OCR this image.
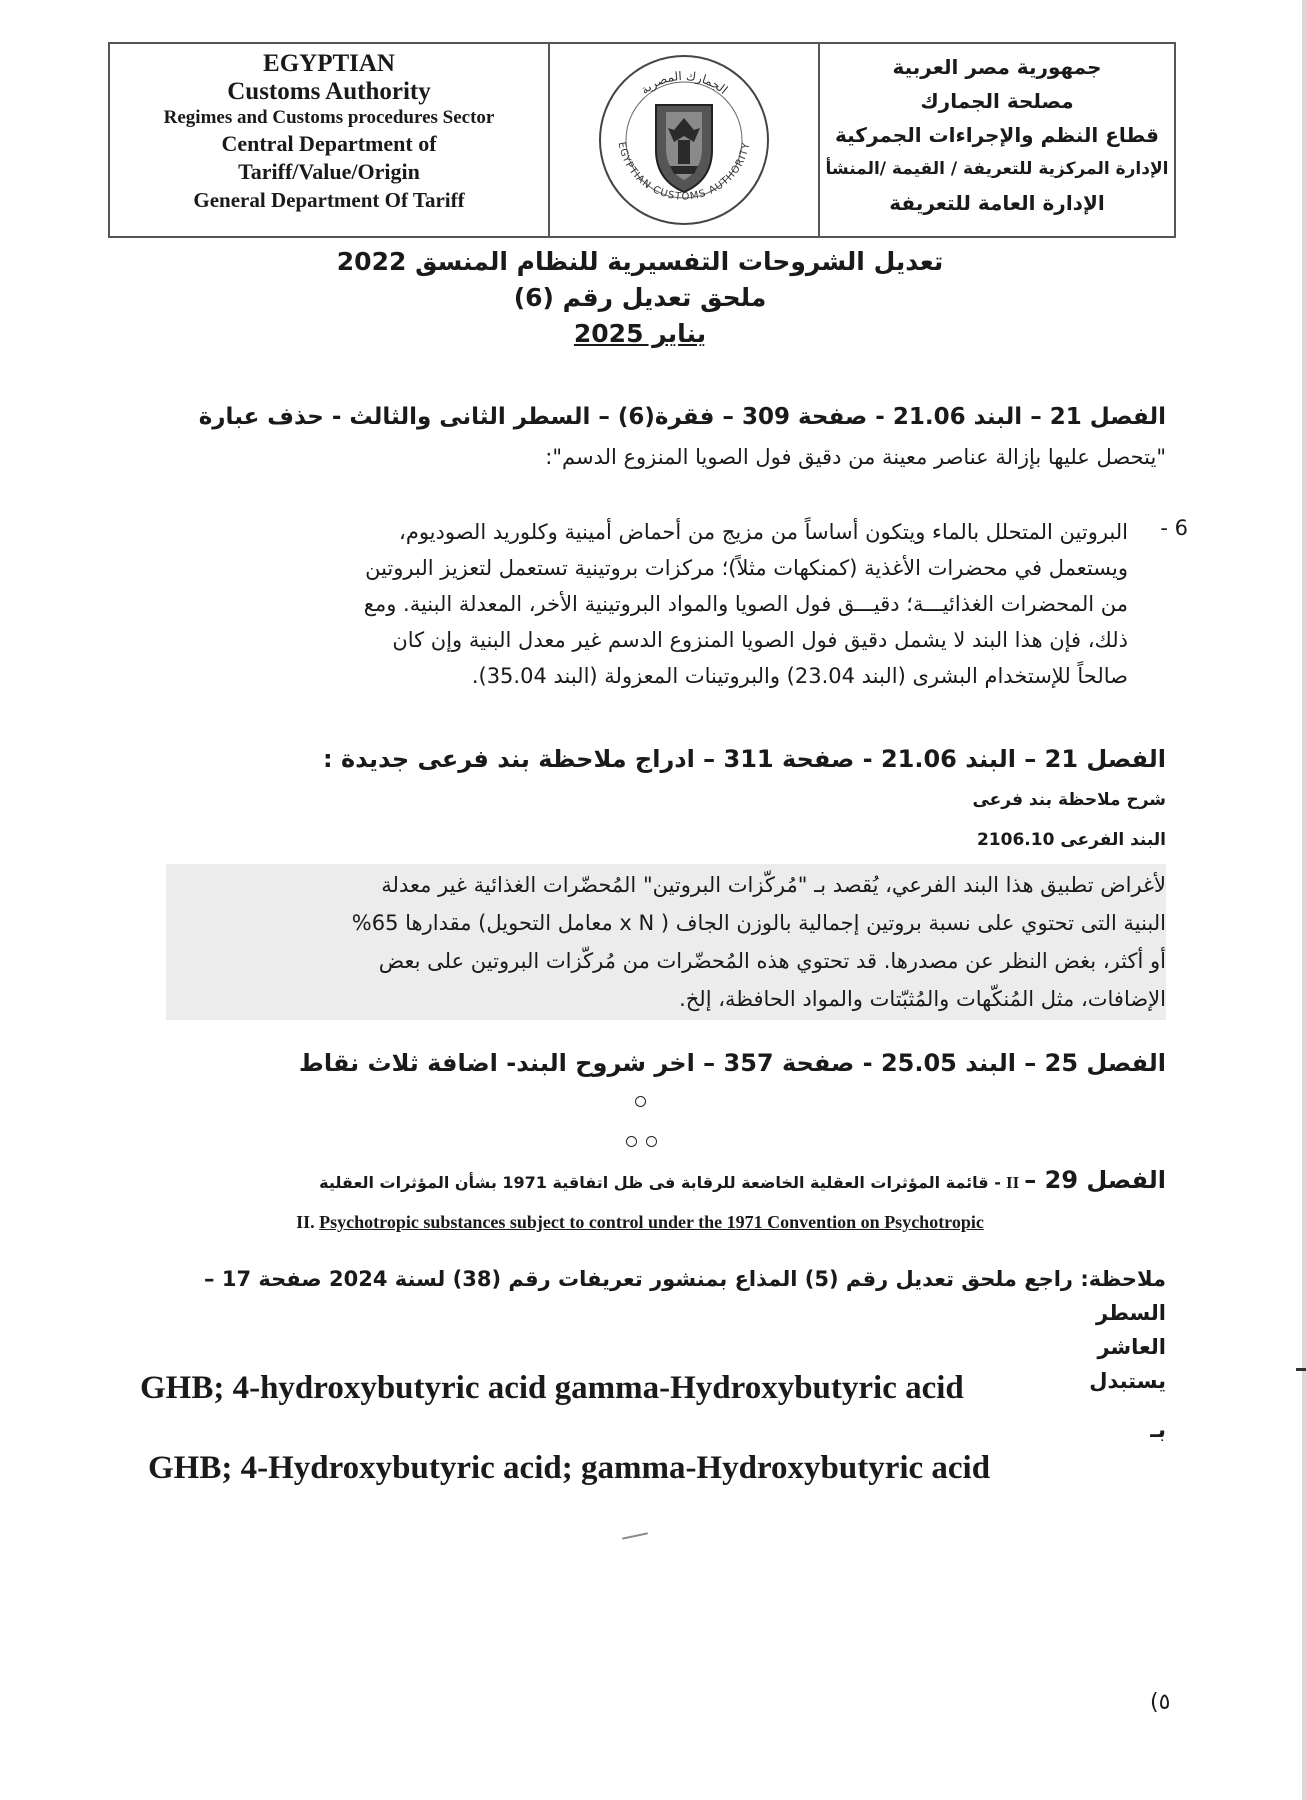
EGYPTIAN
Customs Authority
Regimes and Customs procedures Sector
Central Department of
Tariff/Value/Origin
General Department Of Tariff
الجمارك المصرية
EGYPTIAN CUSTOMS AUTHORITY
جمهورية مصر العربية
مصلحة الجمارك
قطاع النظم والإجراءات الجمركية
الإدارة المركزية للتعريفة / القيمة /المنشأ
الإدارة العامة للتعريفة
تعديل الشروحات التفسيرية للنظام المنسق 2022
ملحق تعديل رقم (6)
يناير 2025
الفصل 21 – البند 21.06 - صفحة 309 – فقرة(6) – السطر الثانى والثالث - حذف عبارة
"يتحصل عليها بإزالة عناصر معينة من دقيق فول الصويا المنزوع الدسم":
6 -
البروتين المتحلل بالماء ويتكون أساساً من مزيج من أحماض أمينية وكلوريد الصوديوم،
ويستعمل في محضرات الأغذية (كمنكهات مثلاً)؛ مركزات بروتينية تستعمل لتعزيز البروتين
من المحضرات الغذائيـــة؛ دقيـــق فول الصويا والمواد البروتينية الأخر، المعدلة البنية. ومع
ذلك، فإن هذا البند لا يشمل دقيق فول الصويا المنزوع الدسم غير معدل البنية وإن كان
صالحاً للإستخدام البشرى (البند 23.04) والبروتينات المعزولة (البند 35.04).
الفصل 21 – البند 21.06 - صفحة 311 – ادراج ملاحظة بند فرعى جديدة :
شرح ملاحظة بند فرعى
البند الفرعى 2106.10
لأغراض تطبيق هذا البند الفرعي، يُقصد بـ "مُركّزات البروتين" المُحضّرات الغذائية غير معدلة
البنية التى تحتوي على نسبة بروتين إجمالية بالوزن الجاف ( x N معامل التحويل) مقدارها 65%
أو أكثر، بغض النظر عن مصدرها. قد تحتوي هذه المُحضّرات من مُركّزات البروتين على بعض
الإضافات، مثل المُنكّهات والمُثبّتات والمواد الحافظة، إلخ.
الفصل 25 – البند 25.05 - صفحة 357 – اخر شروح البند- اضافة ثلاث نقاط
الفصل 29 – II - قائمة المؤثرات العقلية الخاضعة للرقابة فى ظل اتفاقية 1971 بشأن المؤثرات العقلية
II. Psychotropic substances subject to control under the 1971 Convention on Psychotropic
ملاحظة: راجع ملحق تعديل رقم (5) المذاع بمنشور تعريفات رقم (38) لسنة 2024 صفحة 17 – السطر
العاشر
يستبدل
GHB; 4-hydroxybutyric acid gamma-Hydroxybutyric acid
بـ
GHB; 4-Hydroxybutyric acid; gamma-Hydroxybutyric acid
(٥
